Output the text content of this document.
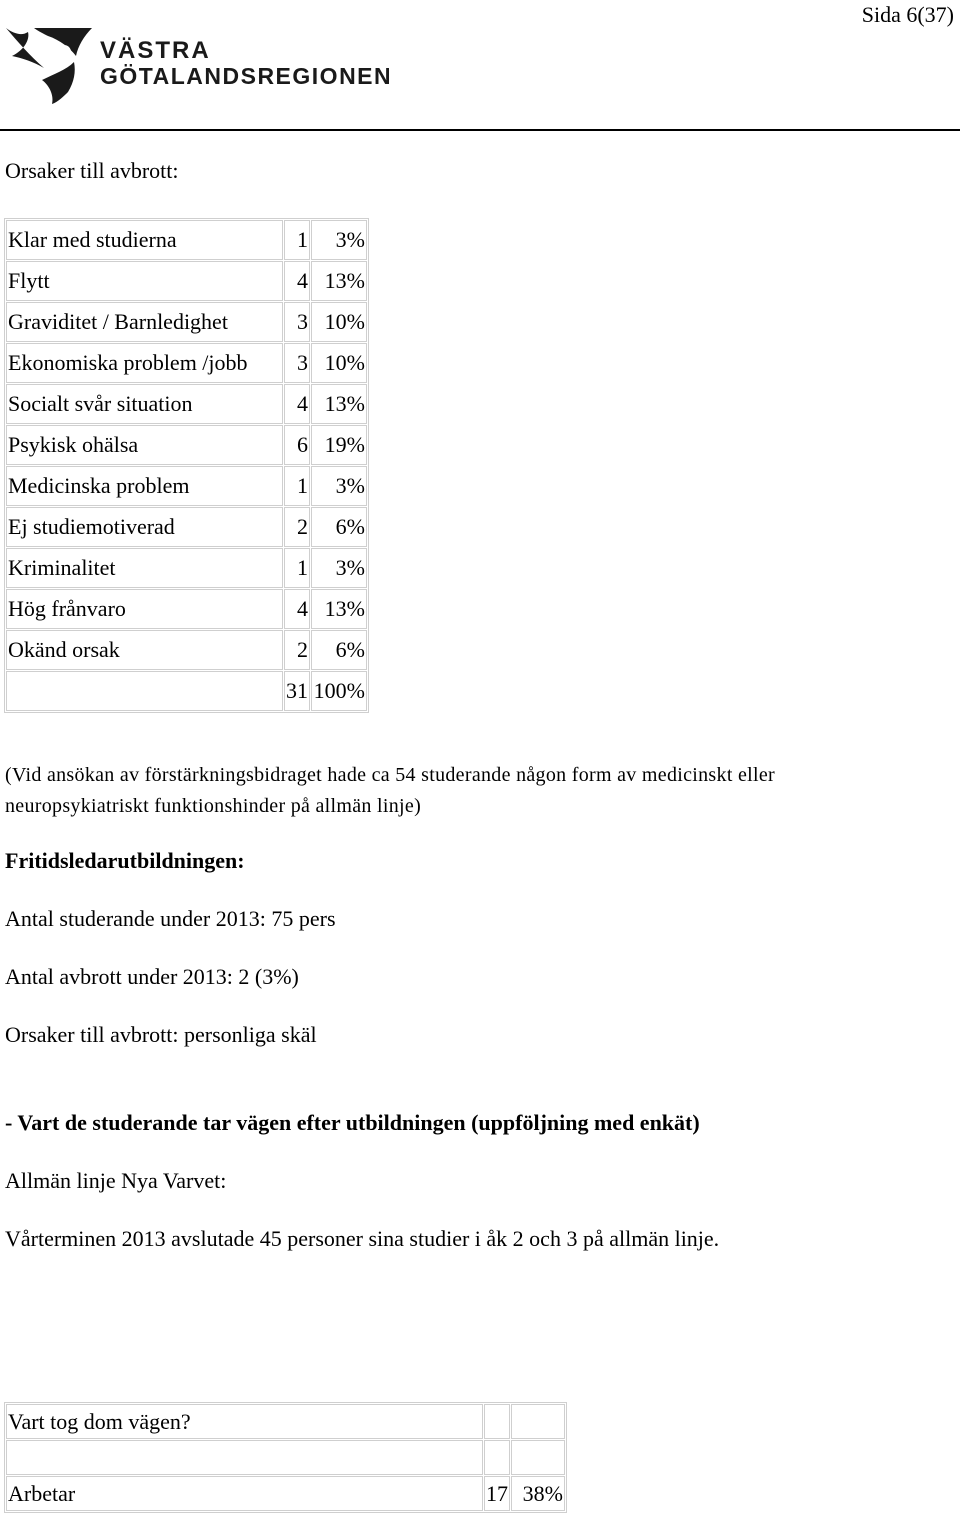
Sida 6(37)
VÄSTRA
GÖTALANDSREGIONEN
Orsaker till avbrott:
Klar med studierna	1	3%
Flytt	4	13%
Graviditet / Barnledighet	3	10%
Ekonomiska problem /jobb	3	10%
Socialt svår situation	4	13%
Psykisk ohälsa	6	19%
Medicinska problem	1	3%
Ej studiemotiverad	2	6%
Kriminalitet	1	3%
Hög frånvaro	4	13%
Okänd orsak	2	6%
	31	100%
(Vid ansökan av förstärkningsbidraget hade ca 54 studerande någon form av medicinskt eller
neuropsykiatriskt funktionshinder på allmän linje)
Fritidsledarutbildningen:
Antal studerande under 2013: 75 pers
Antal avbrott under 2013: 2 (3%)
Orsaker till avbrott: personliga skäl
- Vart de studerande tar vägen efter utbildningen (uppföljning med enkät)
Allmän linje Nya Varvet:
Vårterminen 2013 avslutade 45 personer sina studier i åk 2 och 3 på allmän linje.
Vart tog dom vägen?		

Arbetar	17	38%
